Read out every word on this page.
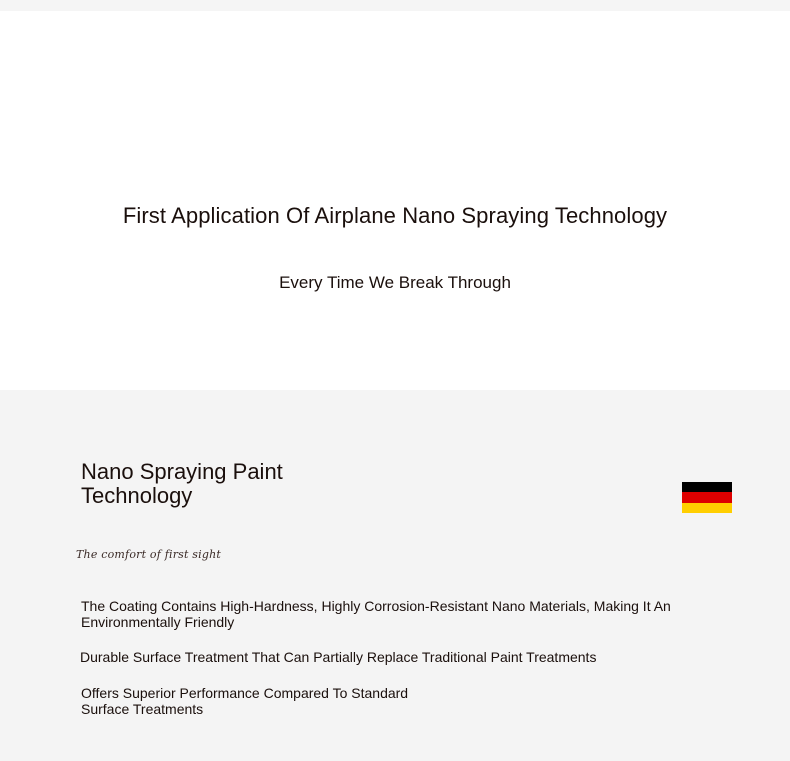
First Application Of Airplane Nano Spraying Technology

Every Time We Break Through

Nano Spraying Paint Technology

The comfort of first sight

The Coating Contains High-Hardness, Highly Corrosion-Resistant Nano Materials, Making It An Environmentally Friendly

Durable Surface Treatment That Can Partially Replace Traditional Paint Treatments

Offers Superior Performance Compared To Standard Surface Treatments
